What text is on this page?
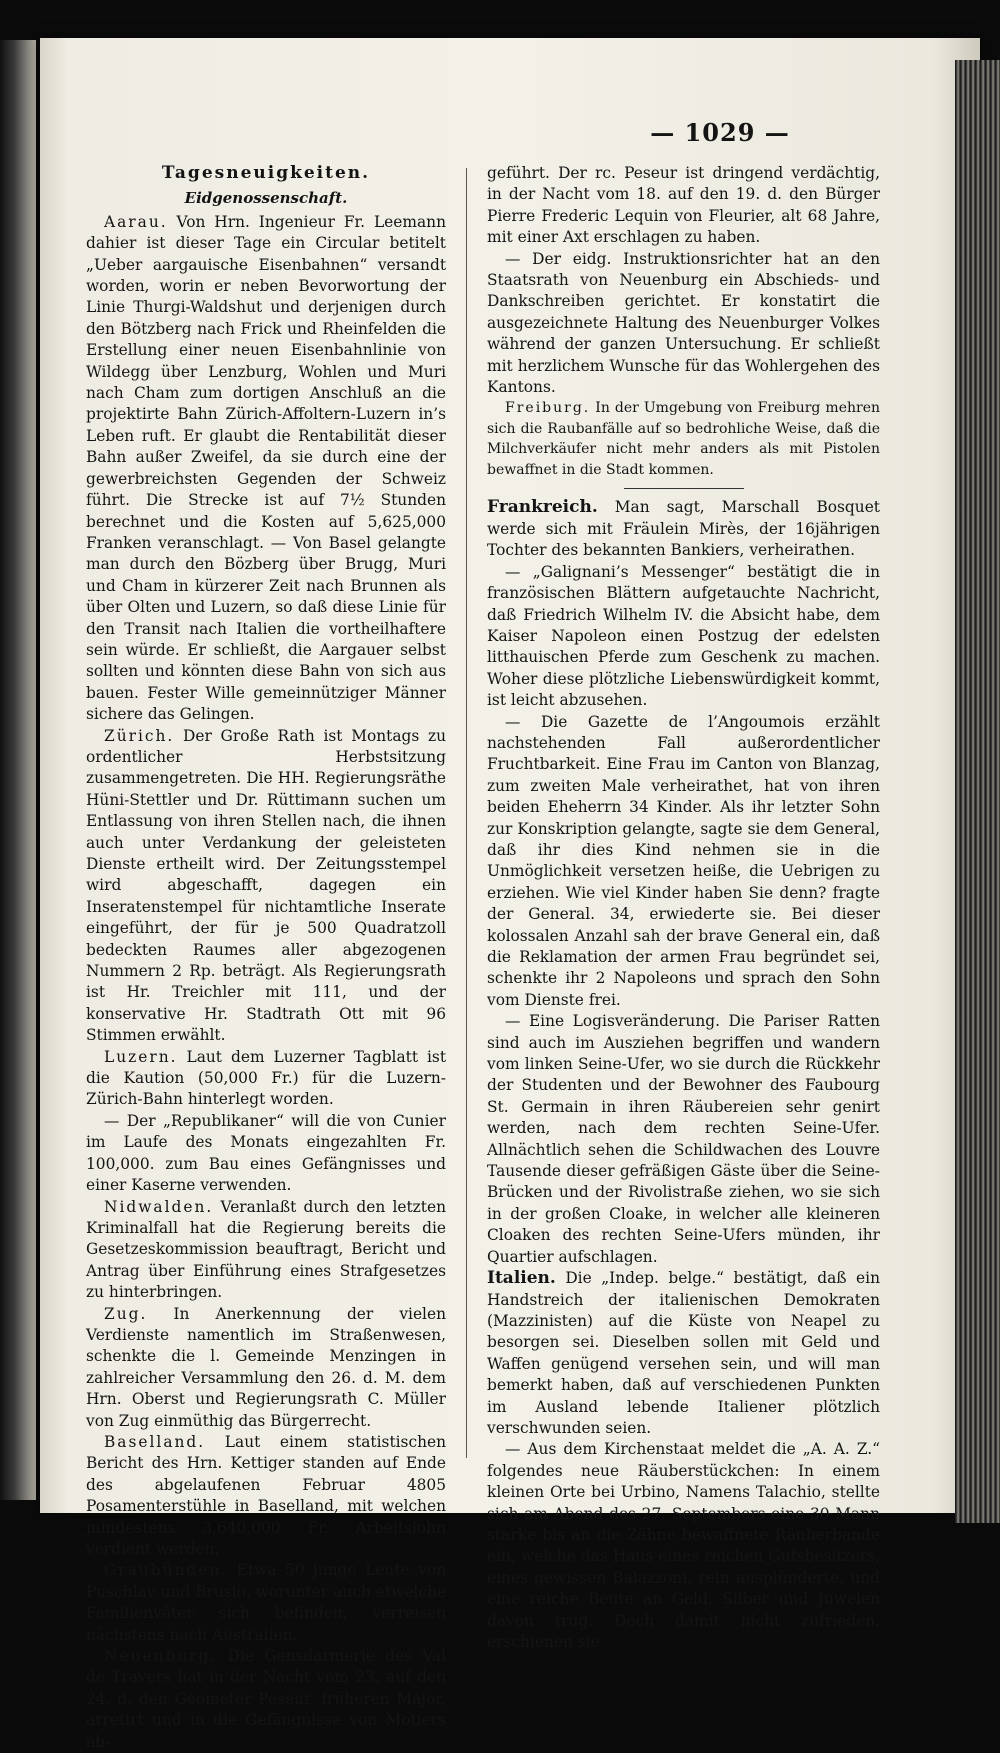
— 1029 —
Tagesneuigkeiten.
Eidgenossenschaft.

Aarau. Von Hrn. Ingenieur Fr. Leemann dahier ist dieser Tage ein Circular betitelt „Ueber aargauische Eisenbahnen“ versandt worden, worin er neben Bevorwortung der Linie Thurgi-Waldshut und derjenigen durch den Bötzberg nach Frick und Rheinfelden die Erstellung einer neuen Eisenbahnlinie von Wildegg über Lenzburg, Wohlen und Muri nach Cham zum dortigen Anschluß an die projektirte Bahn Zürich-Affoltern-Luzern in’s Leben ruft. Er glaubt die Rentabilität dieser Bahn außer Zweifel, da sie durch eine der gewerbreichsten Gegenden der Schweiz führt. Die Strecke ist auf 7½ Stunden berechnet und die Kosten auf 5,625,000 Franken veranschlagt. — Von Basel gelangte man durch den Bözberg über Brugg, Muri und Cham in kürzerer Zeit nach Brunnen als über Olten und Luzern, so daß diese Linie für den Transit nach Italien die vortheilhaftere sein würde. Er schließt, die Aargauer selbst sollten und könnten diese Bahn von sich aus bauen. Fester Wille gemeinnütziger Männer sichere das Gelingen.

Zürich. Der Große Rath ist Montags zu ordentlicher Herbstsitzung zusammengetreten. Die HH. Regierungsräthe Hüni-Stettler und Dr. Rüttimann suchen um Entlassung von ihren Stellen nach, die ihnen auch unter Verdankung der geleisteten Dienste ertheilt wird. Der Zeitungsstempel wird abgeschafft, dagegen ein Inseratenstempel für nichtamtliche Inserate eingeführt, der für je 500 Quadratzoll bedeckten Raumes aller abgezogenen Nummern 2 Rp. beträgt. Als Regierungsrath ist Hr. Treichler mit 111, und der konservative Hr. Stadtrath Ott mit 96 Stimmen erwählt.

Luzern. Laut dem Luzerner Tagblatt ist die Kaution (50,000 Fr.) für die Luzern-Zürich-Bahn hinterlegt worden.

— Der „Republikaner“ will die von Cunier im Laufe des Monats eingezahlten Fr. 100,000. zum Bau eines Gefängnisses und einer Kaserne verwenden.

Nidwalden. Veranlaßt durch den letzten Kriminalfall hat die Regierung bereits die Gesetzeskommission beauftragt, Bericht und Antrag über Einführung eines Strafgesetzes zu hinterbringen.

Zug. In Anerkennung der vielen Verdienste namentlich im Straßenwesen, schenkte die l. Gemeinde Menzingen in zahlreicher Versammlung den 26. d. M. dem Hrn. Oberst und Regierungsrath C. Müller von Zug einmüthig das Bürgerrecht.

Baselland. Laut einem statistischen Bericht des Hrn. Kettiger standen auf Ende des abgelaufenen Februar 4805 Posamenterstühle in Baselland, mit welchen mindestens 3,640,000 Fr. Arbeitslohn verdient werden.

Graubünden. Etwa 50 junge Leute von Puschlav und Brusio, worunter auch etwelche Familienväter sich befinden, verreisen nächstens nach Australien.

Neuenburg. Die Gensdarmerie des Val de Travers hat in der Nacht vom 23. auf den 24. d. den Geometer Peseur, früheren Major, arretirt und in die Gefängnisse von Motiers ab-

geführt. Der rc. Peseur ist dringend verdächtig, in der Nacht vom 18. auf den 19. d. den Bürger Pierre Frederic Lequin von Fleurier, alt 68 Jahre, mit einer Axt erschlagen zu haben.

— Der eidg. Instruktionsrichter hat an den Staatsrath von Neuenburg ein Abschieds- und Dankschreiben gerichtet. Er konstatirt die ausgezeichnete Haltung des Neuenburger Volkes während der ganzen Untersuchung. Er schließt mit herzlichem Wunsche für das Wohlergehen des Kantons.

Freiburg. In der Umgebung von Freiburg mehren sich die Raubanfälle auf so bedrohliche Weise, daß die Milchverkäufer nicht mehr anders als mit Pistolen bewaffnet in die Stadt kommen.

Frankreich. Man sagt, Marschall Bosquet werde sich mit Fräulein Mirès, der 16jährigen Tochter des bekannten Bankiers, verheirathen.

— „Galignani’s Messenger“ bestätigt die in französischen Blättern aufgetauchte Nachricht, daß Friedrich Wilhelm IV. die Absicht habe, dem Kaiser Napoleon einen Postzug der edelsten litthauischen Pferde zum Geschenk zu machen. Woher diese plötzliche Liebenswürdigkeit kommt, ist leicht abzusehen.

— Die Gazette de l’Angoumois erzählt nachstehenden Fall außerordentlicher Fruchtbarkeit. Eine Frau im Canton von Blanzag, zum zweiten Male verheirathet, hat von ihren beiden Eheherrn 34 Kinder. Als ihr letzter Sohn zur Konskription gelangte, sagte sie dem General, daß ihr dies Kind nehmen sie in die Unmöglichkeit versetzen heiße, die Uebrigen zu erziehen. Wie viel Kinder haben Sie denn? fragte der General. 34, erwiederte sie. Bei dieser kolossalen Anzahl sah der brave General ein, daß die Reklamation der armen Frau begründet sei, schenkte ihr 2 Napoleons und sprach den Sohn vom Dienste frei.

— Eine Logisveränderung. Die Pariser Ratten sind auch im Ausziehen begriffen und wandern vom linken Seine-Ufer, wo sie durch die Rückkehr der Studenten und der Bewohner des Faubourg St. Germain in ihren Räubereien sehr genirt werden, nach dem rechten Seine-Ufer. Allnächtlich sehen die Schildwachen des Louvre Tausende dieser gefräßigen Gäste über die Seine-Brücken und der Rivolistraße ziehen, wo sie sich in der großen Cloake, in welcher alle kleineren Cloaken des rechten Seine-Ufers münden, ihr Quartier aufschlagen.

Italien. Die „Indep. belge.“ bestätigt, daß ein Handstreich der italienischen Demokraten (Mazzinisten) auf die Küste von Neapel zu besorgen sei. Dieselben sollen mit Geld und Waffen genügend versehen sein, und will man bemerkt haben, daß auf verschiedenen Punkten im Ausland lebende Italiener plötzlich verschwunden seien.

— Aus dem Kirchenstaat meldet die „A. A. Z.“ folgendes neue Räuberstückchen: In einem kleinen Orte bei Urbino, Namens Talachio, stellte sich am Abend des 27. Septembers eine 30 Mann starke bis an die Zähne bewaffnete Räuberbande ein, welche das Haus eines reichen Gutsbesitzers, eines gewissen Balazzoni, rein ausplünderte, und eine reiche Beute an Geld, Silber und Juwelen davon trug. Doch damit nicht zufrieden, erschienen sie
